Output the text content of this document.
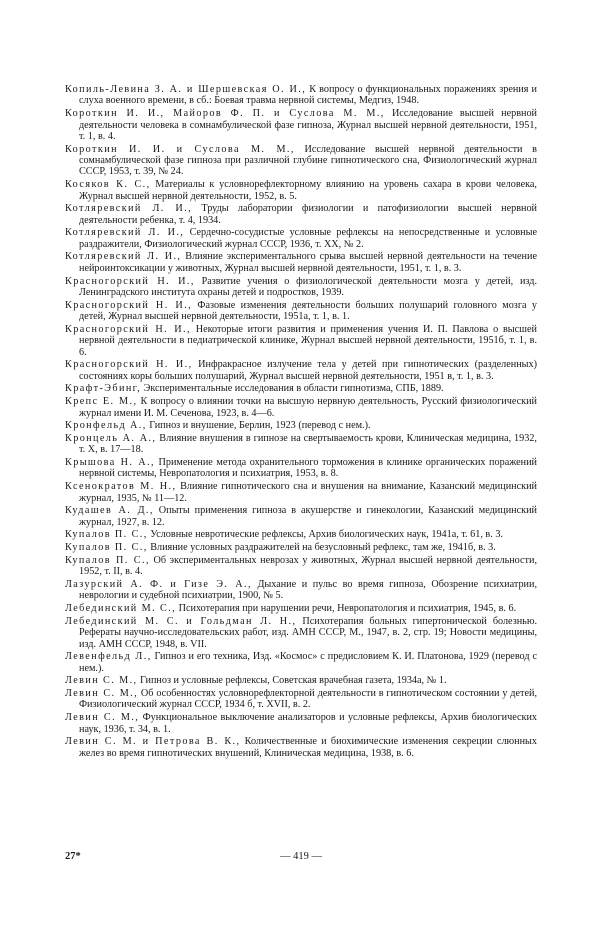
Копиль-Левина З. А. и Шершевская О. И., К вопросу о функциональных поражениях зрения и слуха военного времени, в сб.: Боевая травма нервной системы, Медгиз, 1948.

Короткин И. И., Майоров Ф. П. и Суслова М. М., Исследование высшей нервной деятельности человека в сомнамбулической фазе гипноза, Журнал высшей нервной деятельности, 1951, т. 1, в. 4.

Короткин И. И. и Суслова М. М., Исследование высшей нервной деятельности в сомнамбулической фазе гипноза при различной глубине гипнотического сна, Физиологический журнал СССР, 1953, т. 39, № 24.

Косяков К. С., Материалы к условнорефлекторному влиянию на уровень сахара в крови человека, Журнал высшей нервной деятельности, 1952, в. 5.

Котляревский Л. И., Труды лаборатории физиологии и патофизиологии высшей нервной деятельности ребенка, т. 4, 1934.

Котляревский Л. И., Сердечно-сосудистые условные рефлексы на непосредственные и условные раздражители, Физиологический журнал СССР, 1936, т. XX, № 2.

Котляревский Л. И., Влияние экспериментального срыва высшей нервной деятельности на течение нейроинтоксикации у животных, Журнал высшей нервной деятельности, 1951, т. 1, в. 3.

Красногорский Н. И., Развитие учения о физиологической деятельности мозга у детей, изд. Ленинградского института охраны детей и подростков, 1939.

Красногорский Н. И., Фазовые изменения деятельности больших полушарий головного мозга у детей, Журнал высшей нервной деятельности, 1951а, т. 1, в. 1.

Красногорский Н. И., Некоторые итоги развития и применения учения И. П. Павлова о высшей нервной деятельности в педиатрической клинике, Журнал высшей нервной деятельности, 1951б, т. 1, в. 6.

Красногорский Н. И., Инфракрасное излучение тела у детей при гипнотических (разделенных) состояниях коры больших полушарий, Журнал высшей нервной деятельности, 1951 в, т. 1, в. 3.

Крафт-Эбинг, Экспериментальные исследования в области гипнотизма, СПБ, 1889.

Крепс Е. М., К вопросу о влиянии точки на высшую нервную деятельность, Русский физиологический журнал имени И. М. Сеченова, 1923, в. 4—6.

Кронфельд А., Гипноз и внушение, Берлин, 1923 (перевод с нем.).

Кронцель А. А., Влияние внушения в гипнозе на свертываемость крови, Клиническая медицина, 1932, т. X, в. 17—18.

Крышова Н. А., Применение метода охранительного торможения в клинике органических поражений нервной системы, Невропатология и психиатрия, 1953, в. 8.

Ксенократов М. Н., Влияние гипнотического сна и внушения на внимание, Казанский медицинский журнал, 1935, № 11—12.

Кудашев А. Д., Опыты применения гипноза в акушерстве и гинекологии, Казанский медицинский журнал, 1927, в. 12.

Купалов П. С., Условные невротические рефлексы, Архив биологических наук, 1941а, т. 61, в. 3.

Купалов П. С., Влияние условных раздражителей на безусловный рефлекс, там же, 1941б, в. 3.

Купалов П. С., Об экспериментальных неврозах у животных, Журнал высшей нервной деятельности, 1952, т. II, в. 4.

Лазурский А. Ф. и Гизе Э. А., Дыхание и пульс во время гипноза, Обозрение психиатрии, неврологии и судебной психиатрии, 1900, № 5.

Лебединский М. С., Психотерапия при нарушении речи, Невропатология и психиатрия, 1945, в. 6.

Лебединский М. С. и Гольдман Л. Н., Психотерапия больных гипертонической болезнью. Рефераты научно-исследовательских работ, изд. АМН СССР, М., 1947, в. 2, стр. 19; Новости медицины, изд. АМН СССР, 1948, в. VII.

Левенфельд Л., Гипноз и его техника, Изд. «Космос» с предисловием К. И. Платонова, 1929 (перевод с нем.).

Левин С. М., Гипноз и условные рефлексы, Советская врачебная газета, 1934а, № 1.

Левин С. М., Об особенностях условнорефлекторной деятельности в гипнотическом состоянии у детей, Физиологический журнал СССР, 1934 б, т. XVII, в. 2.

Левин С. М., Функциональное выключение анализаторов и условные рефлексы, Архив биологических наук, 1936, т. 34, в. 1.

Левин С. М. и Петрова В. К., Количественные и биохимические изменения секреции слюнных желез во время гипнотических внушений, Клиническая медицина, 1938, в. 6.

27*	— 419 —
